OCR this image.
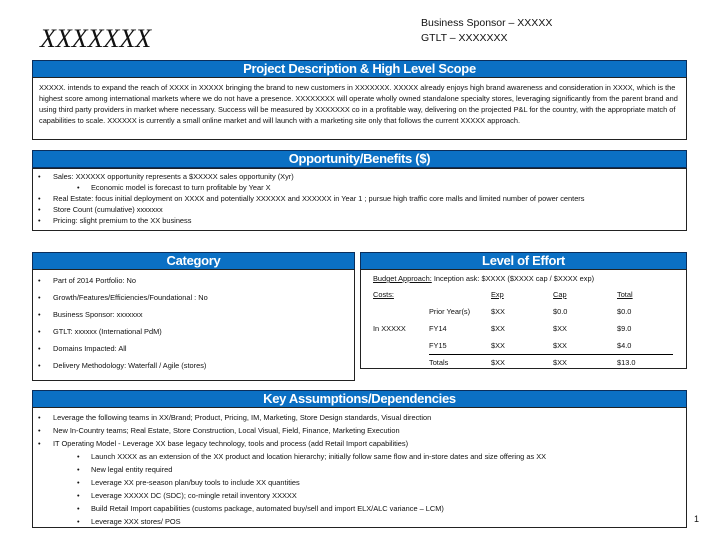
XXXXXXX
Business Sponsor – XXXXX
GTLT – XXXXXXX
Project Description & High Level Scope
XXXXX. intends to expand the reach of XXXX in XXXXX bringing the brand to new customers in XXXXXXX. XXXXX already enjoys high brand awareness and consideration in XXXX, which is the highest score among international markets where we do not have a presence. XXXXXXXX will operate wholly owned standalone specialty stores, leveraging significantly from the parent brand and using third party providers in market where necessary. Success will be measured by XXXXXXX co in a profitable way, delivering on the projected P&L for the country, with the appropriate match of capabilities to scale. XXXXXX is currently a small online market and will launch with a marketing site only that follows the current XXXXX approach.
Opportunity/Benefits ($)
• Sales: XXXXXX opportunity represents a $XXXXX sales opportunity (Xyr)
• Economic model is forecast to turn profitable by Year X
• Real Estate: focus initial deployment on XXXX and potentially XXXXXX and XXXXXX in Year 1 ; pursue high traffic core malls and limited number of power centers
• Store Count (cumulative) xxxxxxx
• Pricing: slight premium to the XX business
Category	Level of Effort
• Part of 2014 Portfolio: No
• Growth/Features/Efficiencies/Foundational : No
• Business Sponsor: xxxxxxx
• GTLT: xxxxxx (International PdM)
• Domains Impacted: All
• Delivery Methodology: Waterfall / Agile (stores)
Budget Approach: Inception ask: $XXXX ($XXXX cap / $XXXX exp)
Costs:		Exp	Cap	Total
	Prior Year(s)	$XX	$0.0	$0.0
In XXXXX	FY14	$XX	$XX	$9.0
	FY15	$XX	$XX	$4.0
	Totals	$XX	$XX	$13.0
Key Assumptions/Dependencies
• Leverage the following teams in XX/Brand; Product, Pricing, IM, Marketing, Store Design standards, Visual direction
• New In-Country teams; Real Estate, Store Construction, Local Visual, Field, Finance, Marketing Execution
• IT Operating Model - Leverage XX base legacy technology, tools and process (add Retail Import capabilities)
• Launch XXXX as an extension of the XX product and location hierarchy; initially follow same flow and in-store dates and size offering as XX
• New legal entity required
• Leverage XX pre-season plan/buy tools to include XX quantities
• Leverage XXXXX DC (SDC); co-mingle retail inventory XXXXX
• Build Retail Import capabilities (customs package, automated buy/sell and import ELX/ALC variance – LCM)
• Leverage XXX stores/ POS	1
